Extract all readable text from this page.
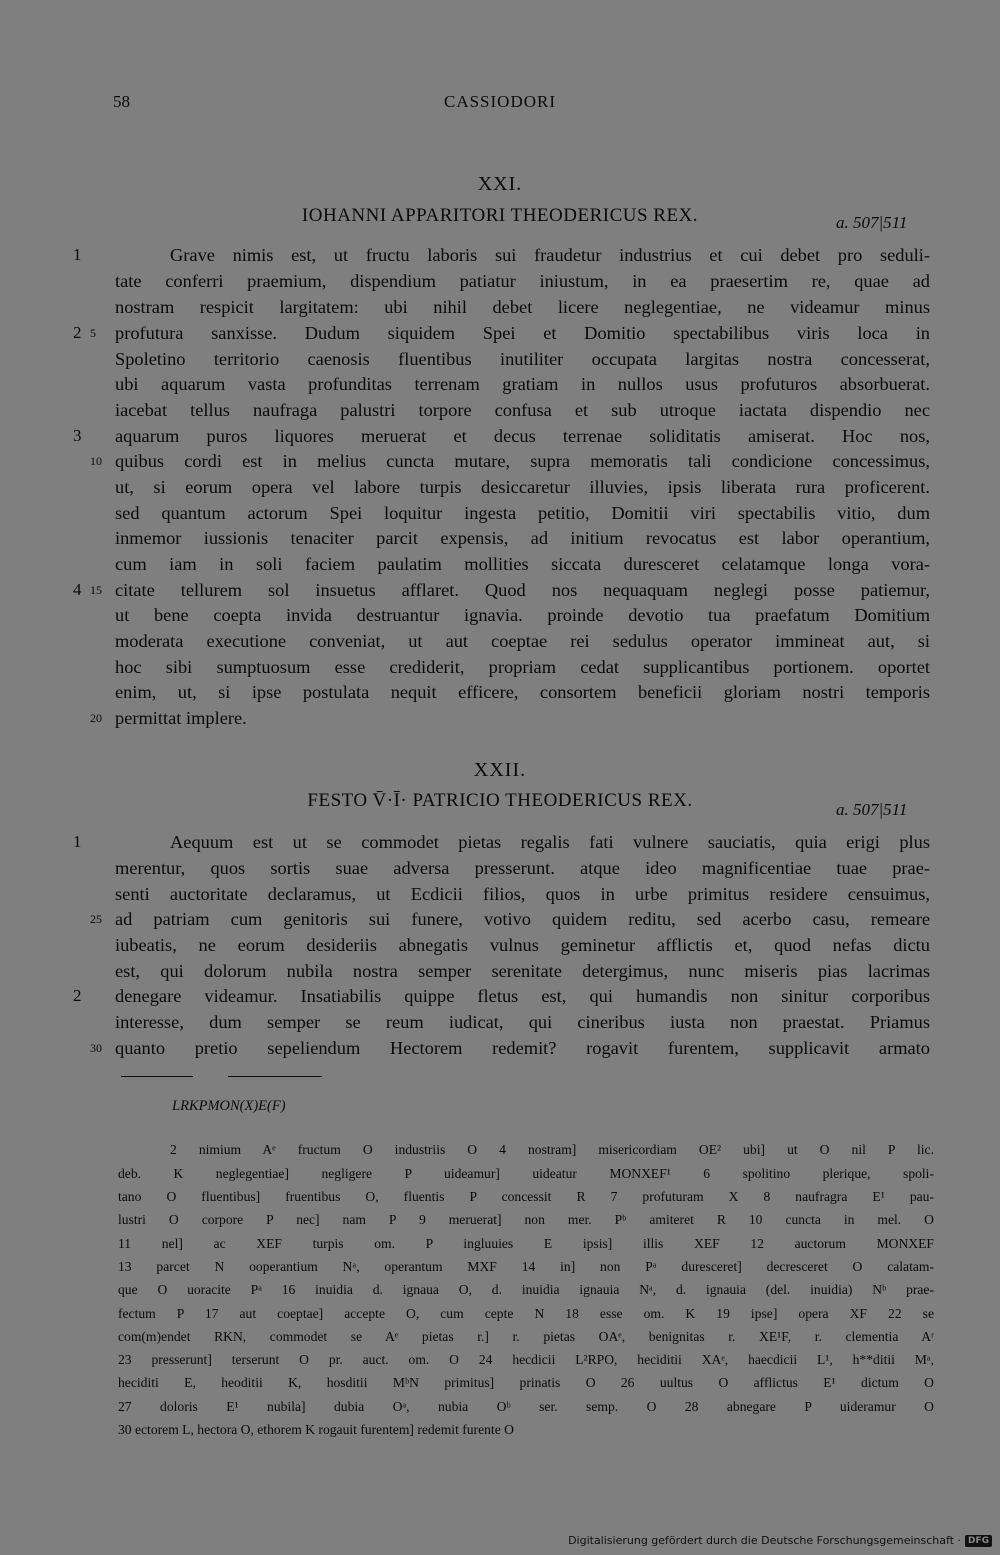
58	CASSIODORI
XXI.
IOHANNI APPARITORI THEODERICUS REX.	a. 507|511
Grave nimis est, ut fructu laboris sui fraudetur industrius et cui debet pro seduli-
tate conferri praemium, dispendium patiatur iniustum, in ea praesertim re, quae ad
nostram respicit largitatem: ubi nihil debet licere neglegentiae, ne videamur minus
profutura sanxisse. Dudum siquidem Spei et Domitio spectabilibus viris loca in
Spoletino territorio caenosis fluentibus inutiliter occupata largitas nostra concesserat,
ubi aquarum vasta profunditas terrenam gratiam in nullos usus profuturos absorbuerat.
iacebat tellus naufraga palustri torpore confusa et sub utroque iactata dispendio nec
aquarum puros liquores meruerat et decus terrenae soliditatis amiserat. Hoc nos,
quibus cordi est in melius cuncta mutare, supra memoratis tali condicione concessimus,
ut, si eorum opera vel labore turpis desiccaretur illuvies, ipsis liberata rura proficerent.
sed quantum actorum Spei loquitur ingesta petitio, Domitii viri spectabilis vitio, dum
inmemor iussionis tenaciter parcit expensis, ad initium revocatus est labor operantium,
cum iam in soli faciem paulatim mollities siccata duresceret celatamque longa vora-
citate tellurem sol insuetus afflaret. Quod nos nequaquam neglegi posse patiemur,
ut bene coepta invida destruantur ignavia. proinde devotio tua praefatum Domitium
moderata executione conveniat, ut aut coeptae rei sedulus operator immineat aut, si
hoc sibi sumptuosum esse crediderit, propriam cedat supplicantibus portionem. oportet
enim, ut, si ipse postulata nequit efficere, consortem beneficii gloriam nostri temporis
permittat implere.
1
2
3
4
5
10
15
20
XXII.
FESTO V̄·Ī· PATRICIO THEODERICUS REX.	a. 507|511
Aequum est ut se commodet pietas regalis fati vulnere sauciatis, quia erigi plus
merentur, quos sortis suae adversa presserunt. atque ideo magnificentiae tuae prae-
senti auctoritate declaramus, ut Ecdicii filios, quos in urbe primitus residere censuimus,
ad patriam cum genitoris sui funere, votivo quidem reditu, sed acerbo casu, remeare
iubeatis, ne eorum desideriis abnegatis vulnus geminetur afflictis et, quod nefas dictu
est, qui dolorum nubila nostra semper serenitate detergimus, nunc miseris pias lacrimas
denegare videamur. Insatiabilis quippe fletus est, qui humandis non sinitur corporibus
interesse, dum semper se reum iudicat, qui cineribus iusta non praestat. Priamus
quanto pretio sepeliendum Hectorem redemit? rogavit furentem, supplicavit armato
1
2
25
30
LRKPMON(X)E(F)
2 nimium Aᵉ fructum O industriis O 4 nostram] misericordiam OE² ubi] ut O nil P lic.
deb. K neglegentiae] negligere P uideamur] uideatur MONXEF¹ 6 spolitino plerique, spoli-
tano O fluentibus] fruentibus O, fluentis P concessit R 7 profuturam X 8 naufragra E¹ pau-
lustri O corpore P nec] nam P 9 meruerat] non mer. Pᵇ amiteret R 10 cuncta in mel. O
11 nel] ac XEF turpis om. P ingluuies E ipsis] illis XEF 12 auctorum MONXEF
13 parcet N ooperantium Nᵃ, operantum MXF 14 in] non Pᵃ duresceret] decresceret O calatam-
que O uoracite Pᵃ 16 inuidia d. ignaua O, d. inuidia ignauia Nᵃ, d. ignauia (del. inuidia) Nᵇ prae-
fectum P 17 aut coeptae] accepte O, cum cepte N 18 esse om. K 19 ipse] opera XF 22 se
com(m)endet RKN, commodet se Aᵉ pietas r.] r. pietas OAᵉ, benignitas r. XE¹F, r. clementia Aʳ
23 presserunt] terserunt O pr. auct. om. O 24 hecdicii L²RPO, heciditii XAᵉ, haecdicii L¹, h**ditii Mᵃ,
heciditi E, heoditii K, hosditii MᵇN primitus] prinatis O 26 uultus O afflictus E¹ dictum O
27 doloris E¹ nubila] dubia Oᵃ, nubia Oᵇ ser. semp. O 28 abnegare P uideramur O
30 ectorem L, hectora O, ethorem K rogauit furentem] redemit furente O
Digitalisierung gefördert durch die Deutsche Forschungsgemeinschaft · DFG
